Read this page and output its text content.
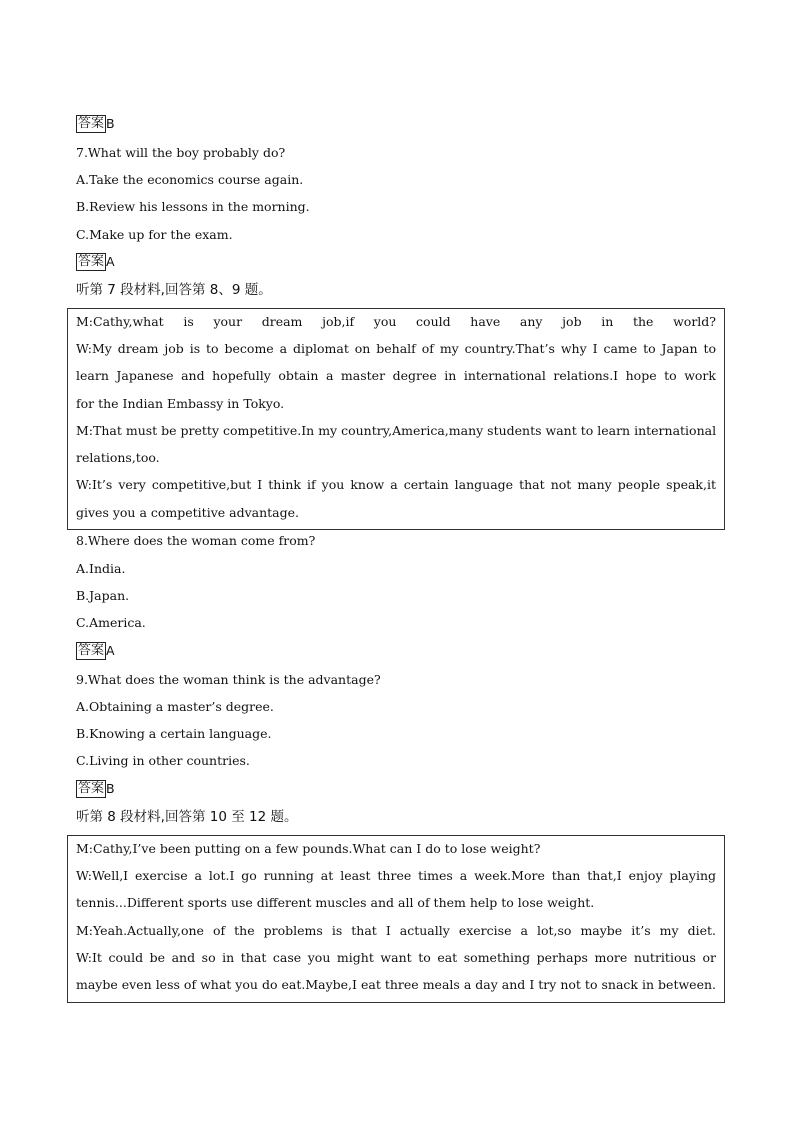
答案 B
7.What will the boy probably do?
A.Take the economics course again.
B.Review his lessons in the morning.
C.Make up for the exam.
答案 A
听第 7 段材料,回答第 8、9 题。
M:Cathy,what is your dream job,if you could have any job in the world?
W:My dream job is to become a diplomat on behalf of my country.That’s why I came to Japan to
learn Japanese and hopefully obtain a master degree in international relations.I hope to work
for the Indian Embassy in Tokyo.
M:That must be pretty competitive.In my country,America,many students want to learn international
relations,too.
W:It’s very competitive,but I think if you know a certain language that not many people speak,it
gives you a competitive advantage.
8.Where does the woman come from?
A.India.
B.Japan.
C.America.
答案 A
9.What does the woman think is the advantage?
A.Obtaining a master’s degree.
B.Knowing a certain language.
C.Living in other countries.
答案 B
听第 8 段材料,回答第 10 至 12 题。
M:Cathy,I’ve been putting on a few pounds.What can I do to lose weight?
W:Well,I exercise a lot.I go running at least three times a week.More than that,I enjoy playing
tennis...Different sports use different muscles and all of them help to lose weight.
M:Yeah.Actually,one of the problems is that I actually exercise a lot,so maybe it’s my diet.
W:It could be and so in that case you might want to eat something perhaps more nutritious or
maybe even less of what you do eat.Maybe,I eat three meals a day and I try not to snack in between.
